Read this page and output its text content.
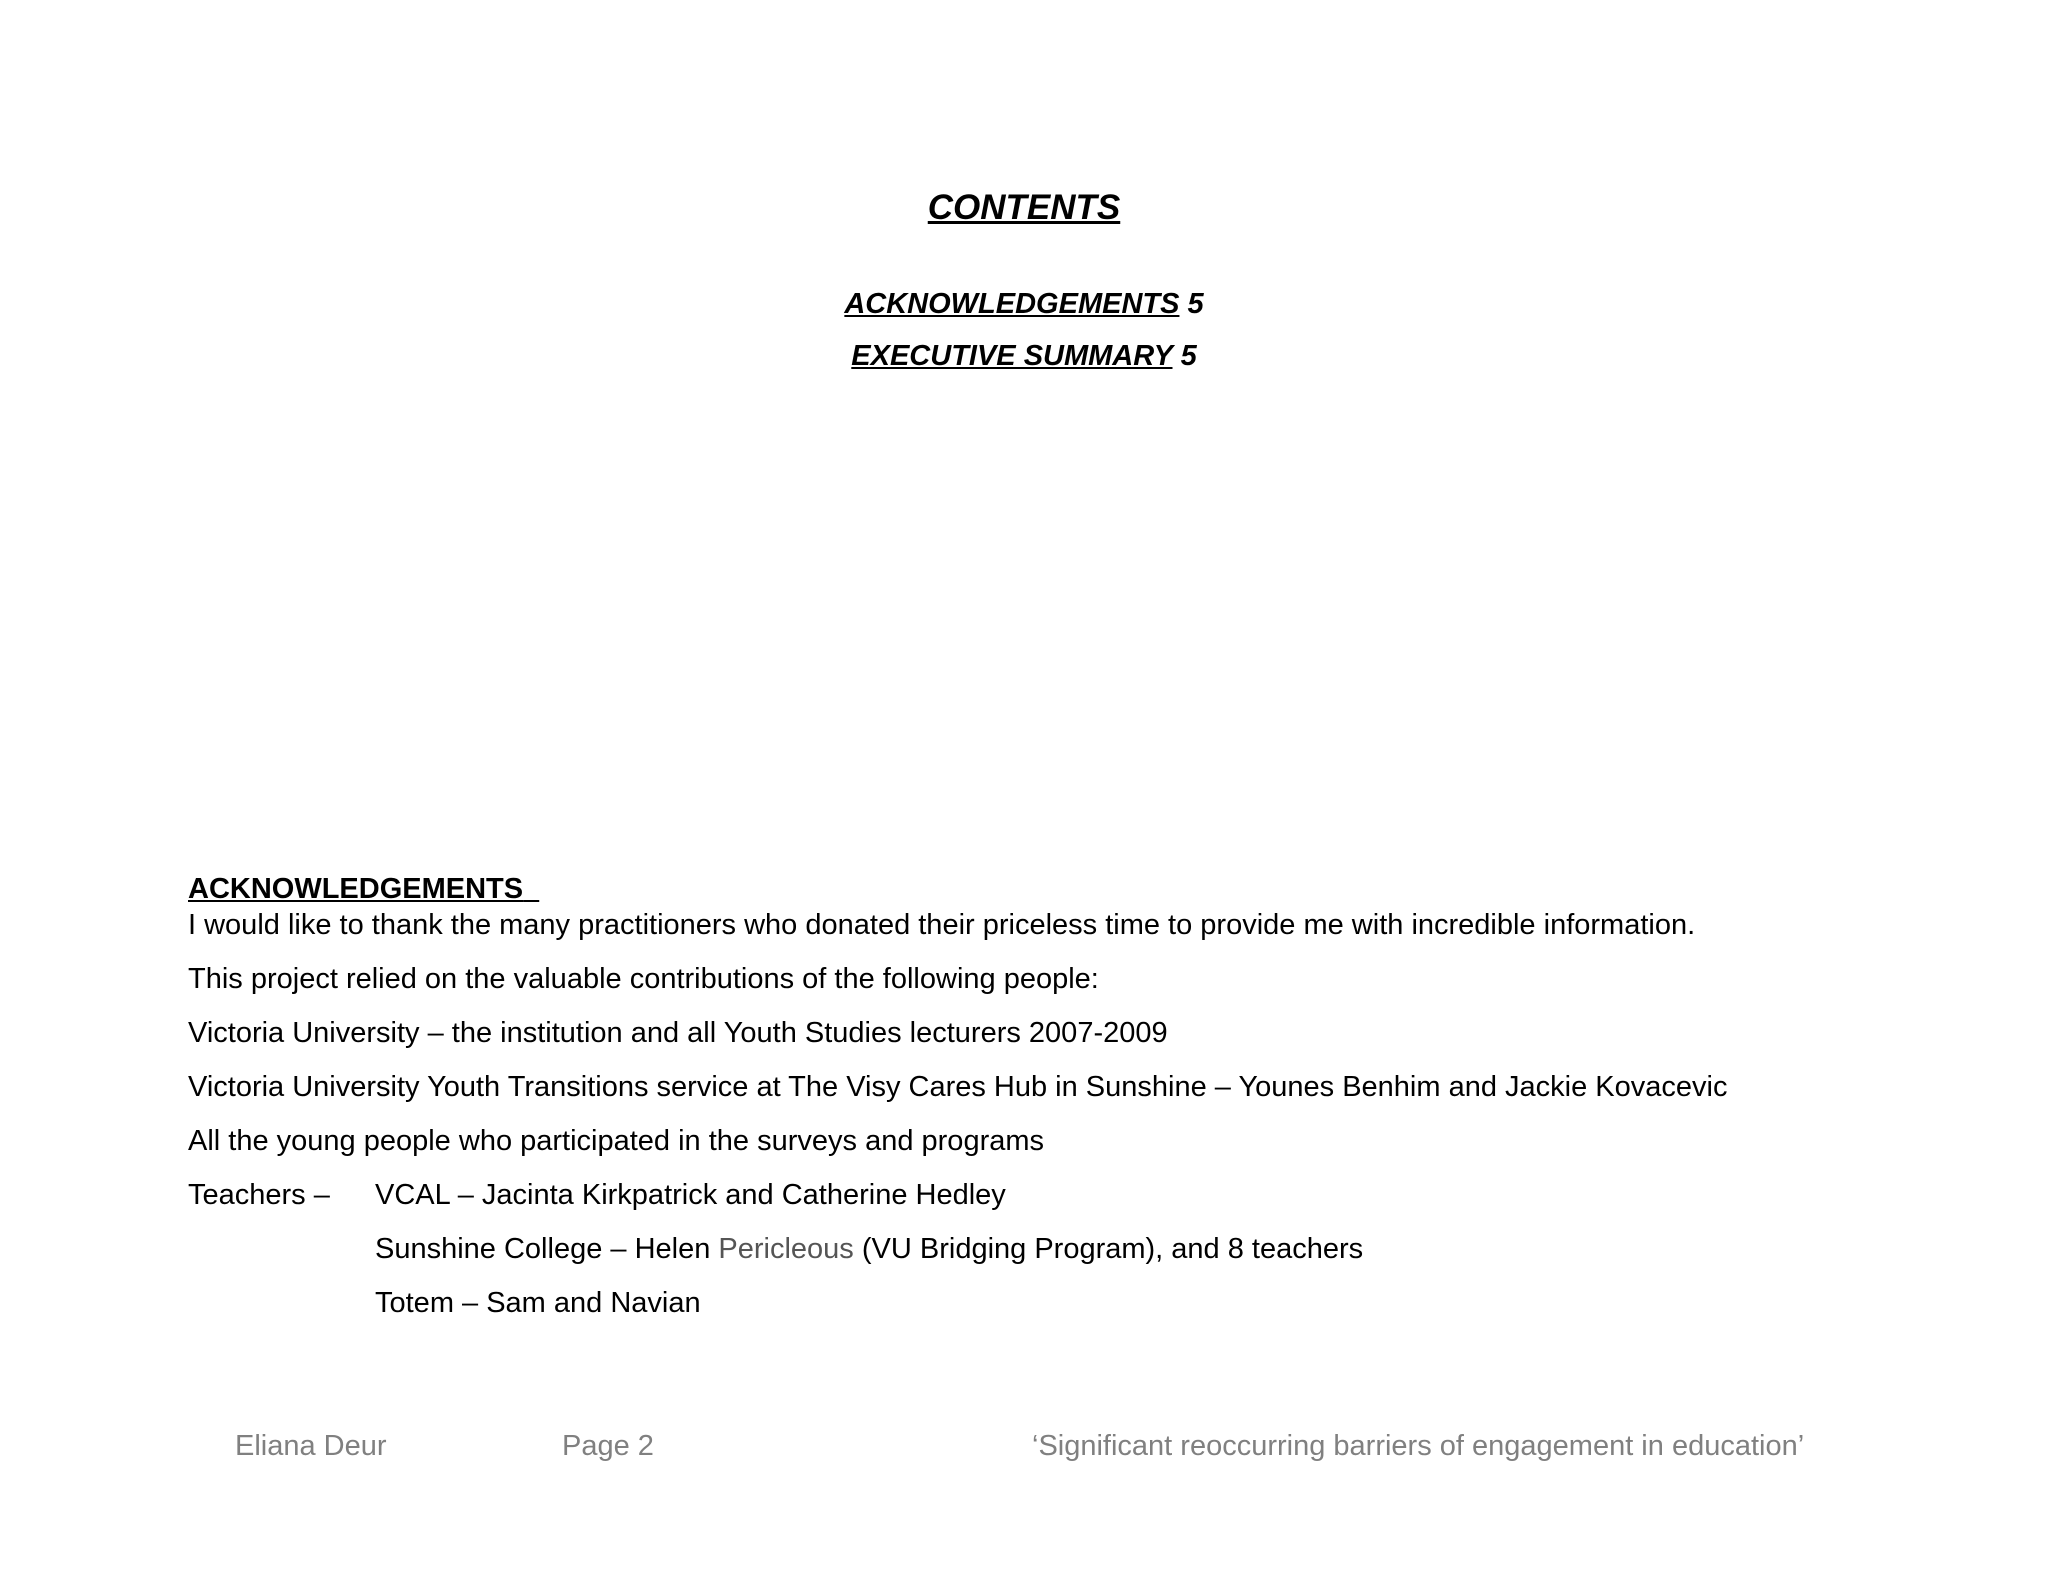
CONTENTS
ACKNOWLEDGEMENTS 5
EXECUTIVE SUMMARY 5
ACKNOWLEDGEMENTS
I would like to thank the many practitioners who donated their priceless time to provide me with incredible information.
This project relied on the valuable contributions of the following people:
Victoria University – the institution and all Youth Studies lecturers 2007-2009
Victoria University Youth Transitions service at The Visy Cares Hub in Sunshine – Younes Benhim and Jackie Kovacevic
All the young people who participated in the surveys and programs
Teachers – VCAL – Jacinta Kirkpatrick and Catherine Hedley
Sunshine College – Helen Pericleous (VU Bridging Program), and 8 teachers
Totem – Sam and Navian
Eliana Deur	Page 2	‘Significant reoccurring barriers of engagement in education’
